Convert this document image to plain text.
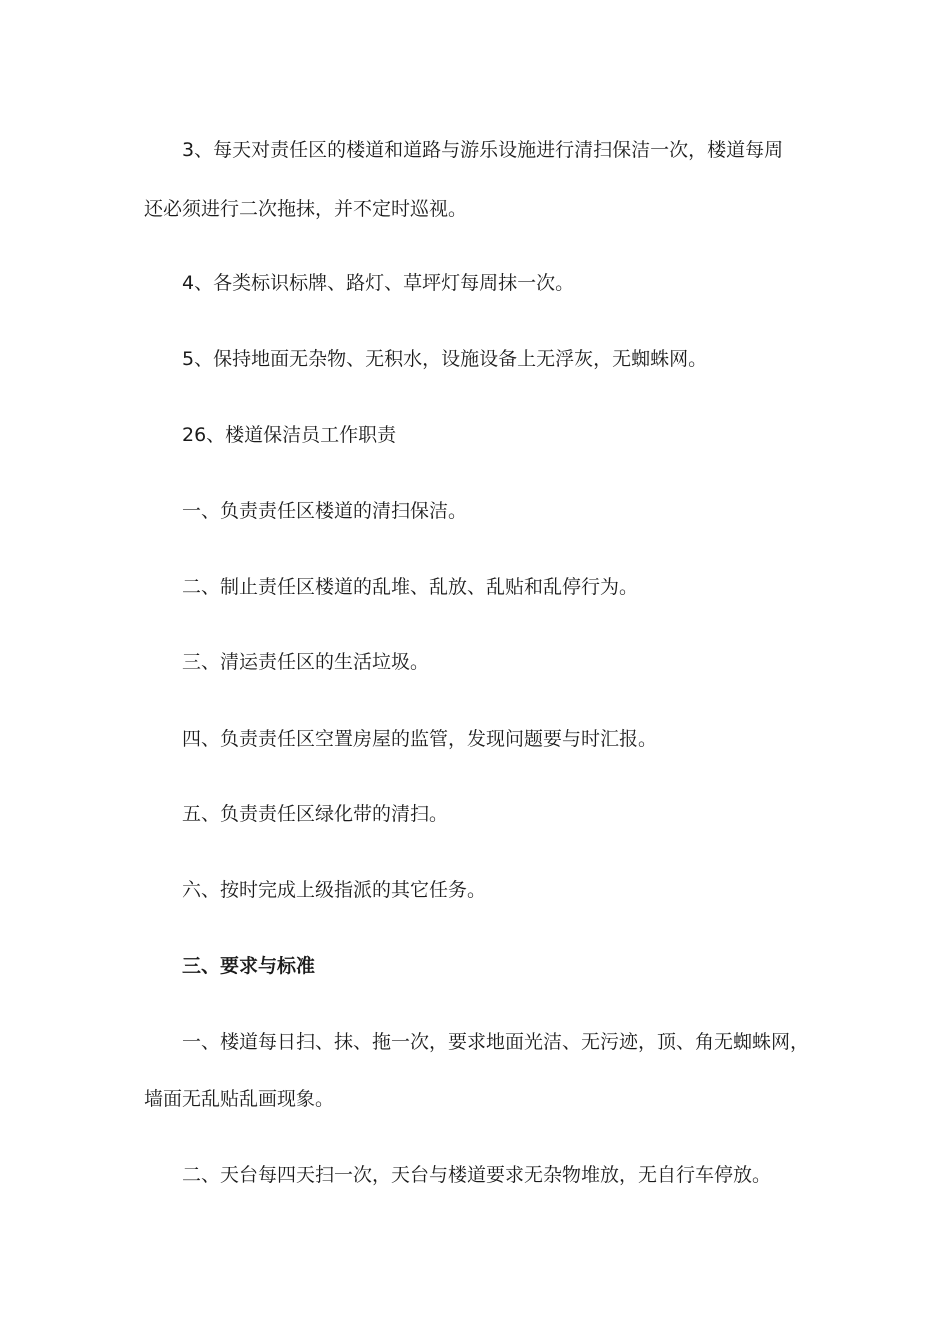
3、每天对责任区的楼道和道路与游乐设施进行清扫保洁一次，楼道每周
还必须进行二次拖抹，并不定时巡视。
4、各类标识标牌、路灯、草坪灯每周抹一次。
5、保持地面无杂物、无积水，设施设备上无浮灰，无蜘蛛网。
26、楼道保洁员工作职责
一、负责责任区楼道的清扫保洁。
二、制止责任区楼道的乱堆、乱放、乱贴和乱停行为。
三、清运责任区的生活垃圾。
四、负责责任区空置房屋的监管，发现问题要与时汇报。
五、负责责任区绿化带的清扫。
六、按时完成上级指派的其它任务。
三、要求与标准
一、楼道每日扫、抹、拖一次，要求地面光洁、无污迹，顶、角无蜘蛛网，
墙面无乱贴乱画现象。
二、天台每四天扫一次，天台与楼道要求无杂物堆放，无自行车停放。
